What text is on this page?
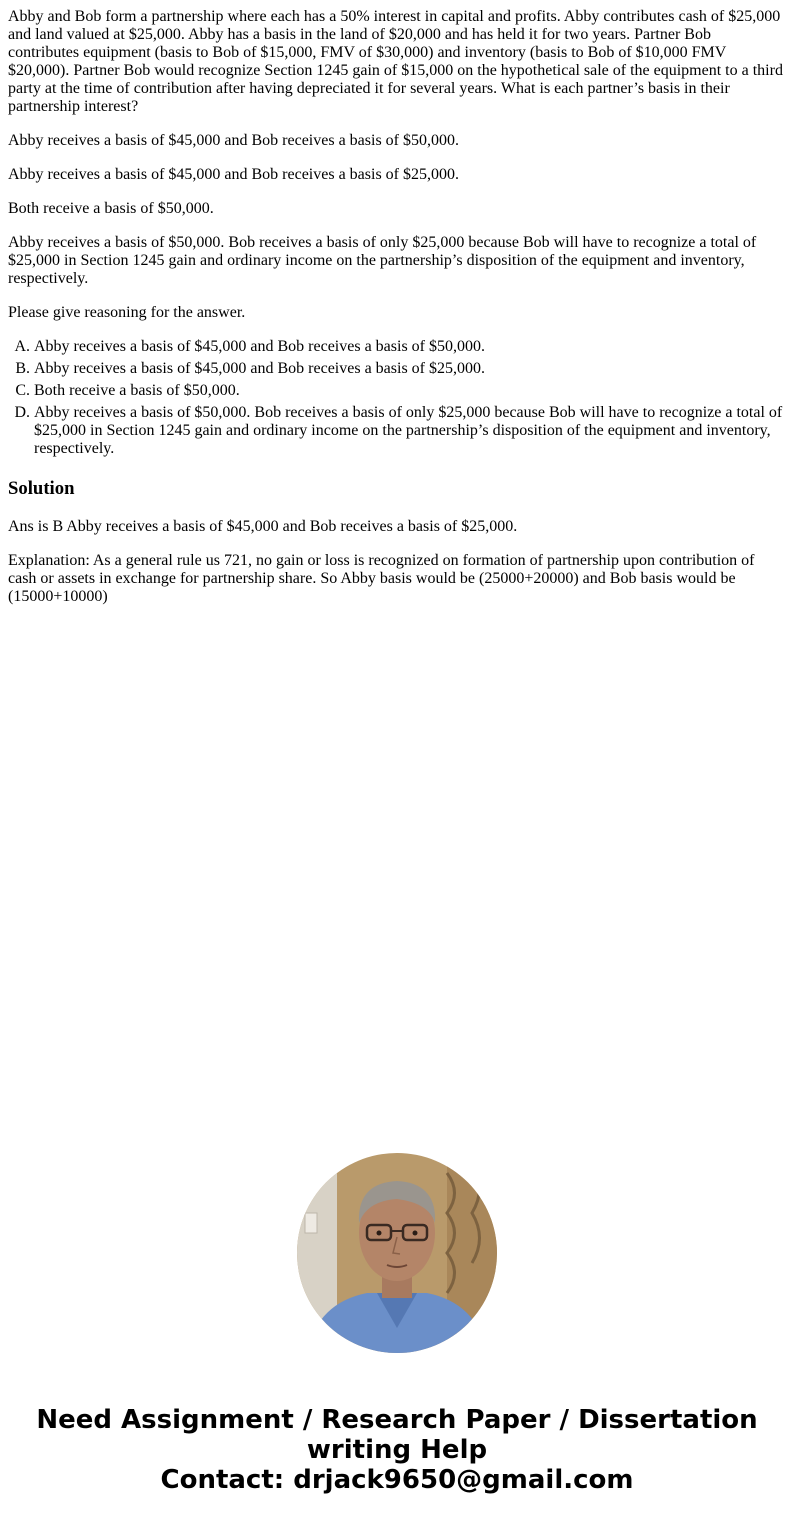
Abby and Bob form a partnership where each has a 50% interest in capital and profits. Abby contributes cash of $25,000 and land valued at $25,000. Abby has a basis in the land of $20,000 and has held it for two years. Partner Bob contributes equipment (basis to Bob of $15,000, FMV of $30,000) and inventory (basis to Bob of $10,000 FMV $20,000). Partner Bob would recognize Section 1245 gain of $15,000 on the hypothetical sale of the equipment to a third party at the time of contribution after having depreciated it for several years. What is each partner’s basis in their partnership interest?

Abby receives a basis of $45,000 and Bob receives a basis of $50,000.

Abby receives a basis of $45,000 and Bob receives a basis of $25,000.

Both receive a basis of $50,000.

Abby receives a basis of $50,000. Bob receives a basis of only $25,000 because Bob will have to recognize a total of $25,000 in Section 1245 gain and ordinary income on the partnership’s disposition of the equipment and inventory, respectively.

Please give reasoning for the answer.

A. Abby receives a basis of $45,000 and Bob receives a basis of $50,000.
B. Abby receives a basis of $45,000 and Bob receives a basis of $25,000.
C. Both receive a basis of $50,000.
D. Abby receives a basis of $50,000. Bob receives a basis of only $25,000 because Bob will have to recognize a total of $25,000 in Section 1245 gain and ordinary income on the partnership’s disposition of the equipment and inventory, respectively.
Solution

Ans is B Abby receives a basis of $45,000 and Bob receives a basis of $25,000.

Explanation: As a general rule us 721, no gain or loss is recognized on formation of partnership upon contribution of cash or assets in exchange for partnership share. So Abby basis would be (25000+20000) and Bob basis would be (15000+10000)

Need Assignment / Research Paper / Dissertation writing Help
Contact: drjack9650@gmail.com
